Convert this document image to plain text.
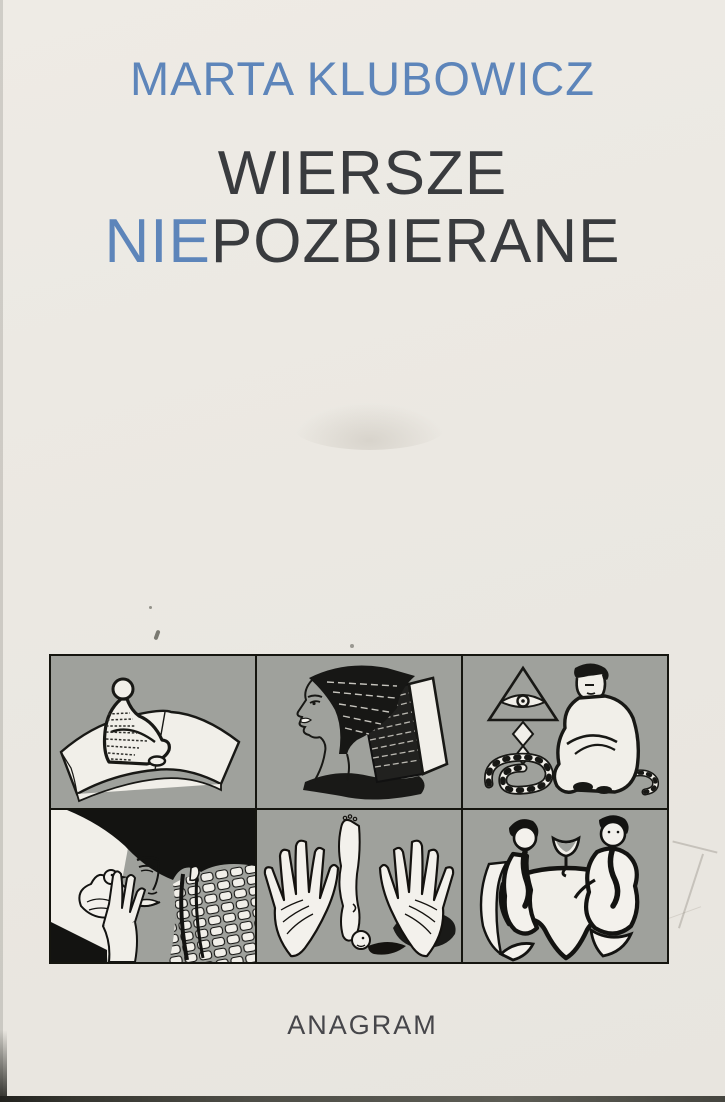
MARTA KLUBOWICZ
WIERSZE
NIEPOZBIERANE
ANAGRAM
